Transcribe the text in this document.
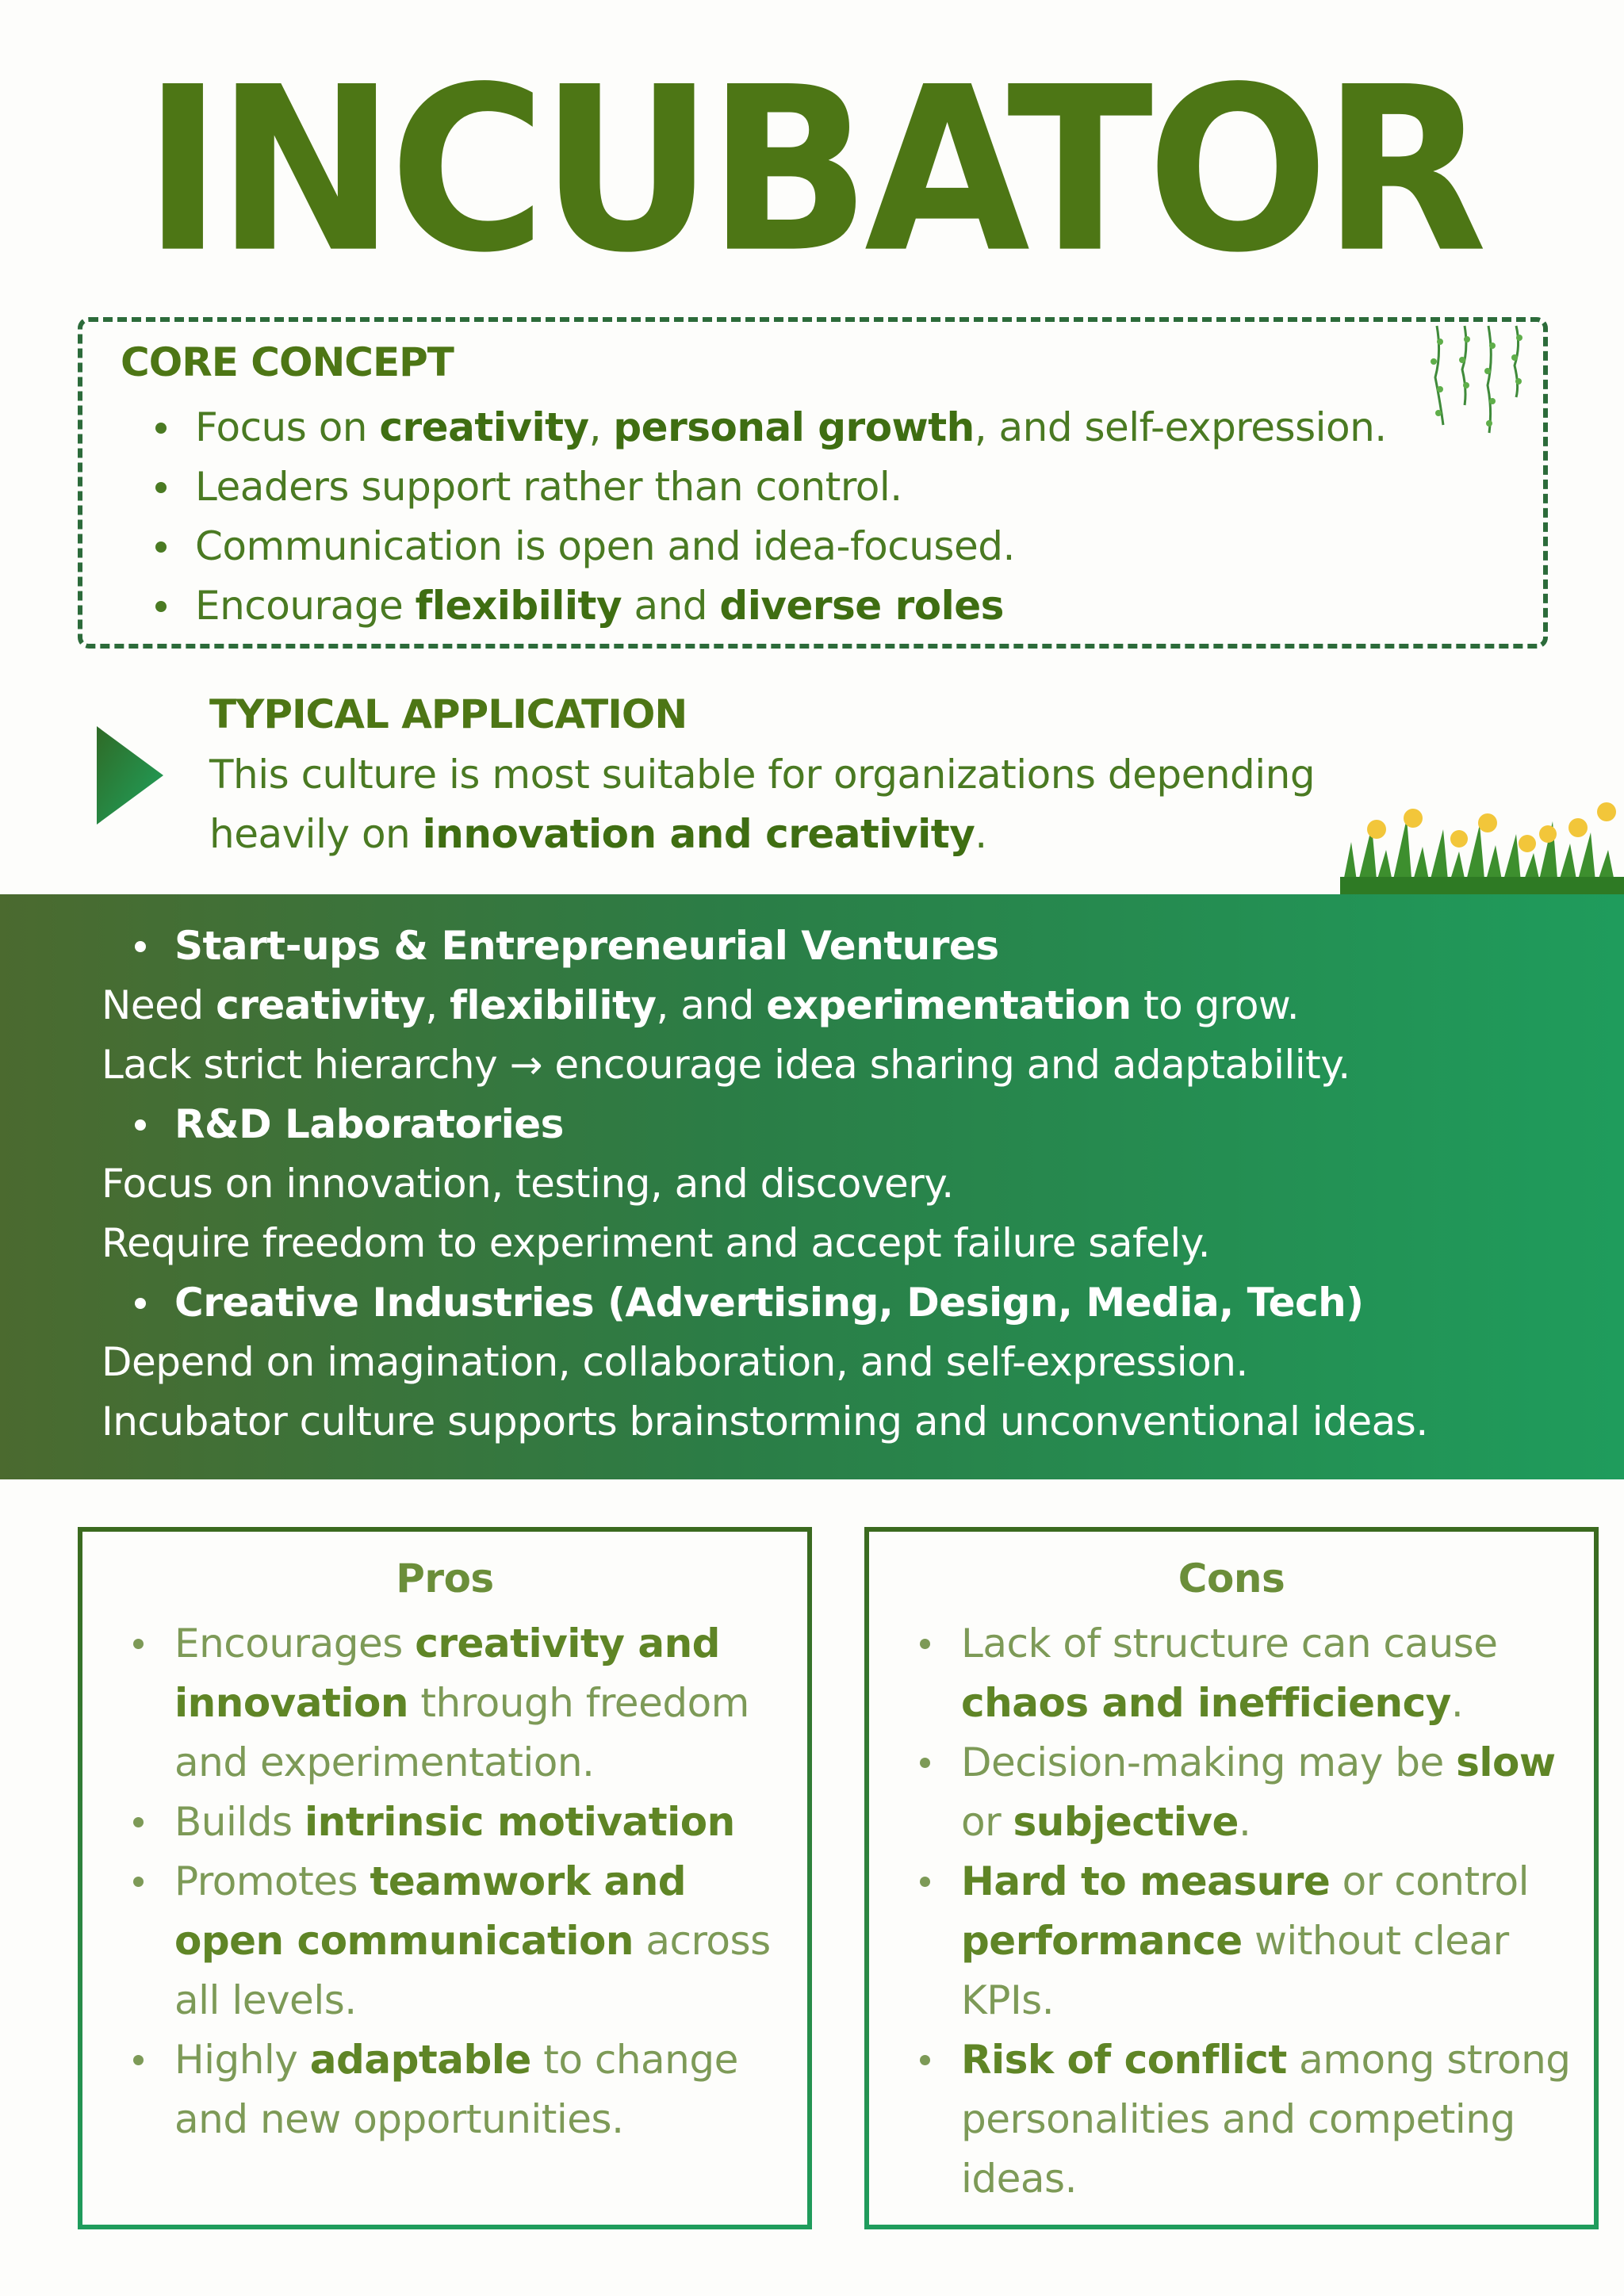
INCUBATOR
CORE CONCEPT
Focus on creativity, personal growth, and self-expression.
Leaders support rather than control.
Communication is open and idea-focused.
Encourage flexibility and diverse roles
TYPICAL APPLICATION
This culture is most suitable for organizations depending
heavily on innovation and creativity.
Start-ups & Entrepreneurial Ventures
Need creativity, flexibility, and experimentation to grow.
Lack strict hierarchy → encourage idea sharing and adaptability.
R&D Laboratories
Focus on innovation, testing, and discovery.
Require freedom to experiment and accept failure safely.
Creative Industries (Advertising, Design, Media, Tech)
Depend on imagination, collaboration, and self-expression.
Incubator culture supports brainstorming and unconventional ideas.
Pros
Encourages creativity and innovation through freedom and experimentation.
Builds intrinsic motivation
Promotes teamwork and open communication across all levels.
Highly adaptable to change and new opportunities.
Cons
Lack of structure can cause chaos and inefficiency.
Decision-making may be slow or subjective.
Hard to measure or control performance without clear KPIs.
Risk of conflict among strong personalities and competing ideas.
